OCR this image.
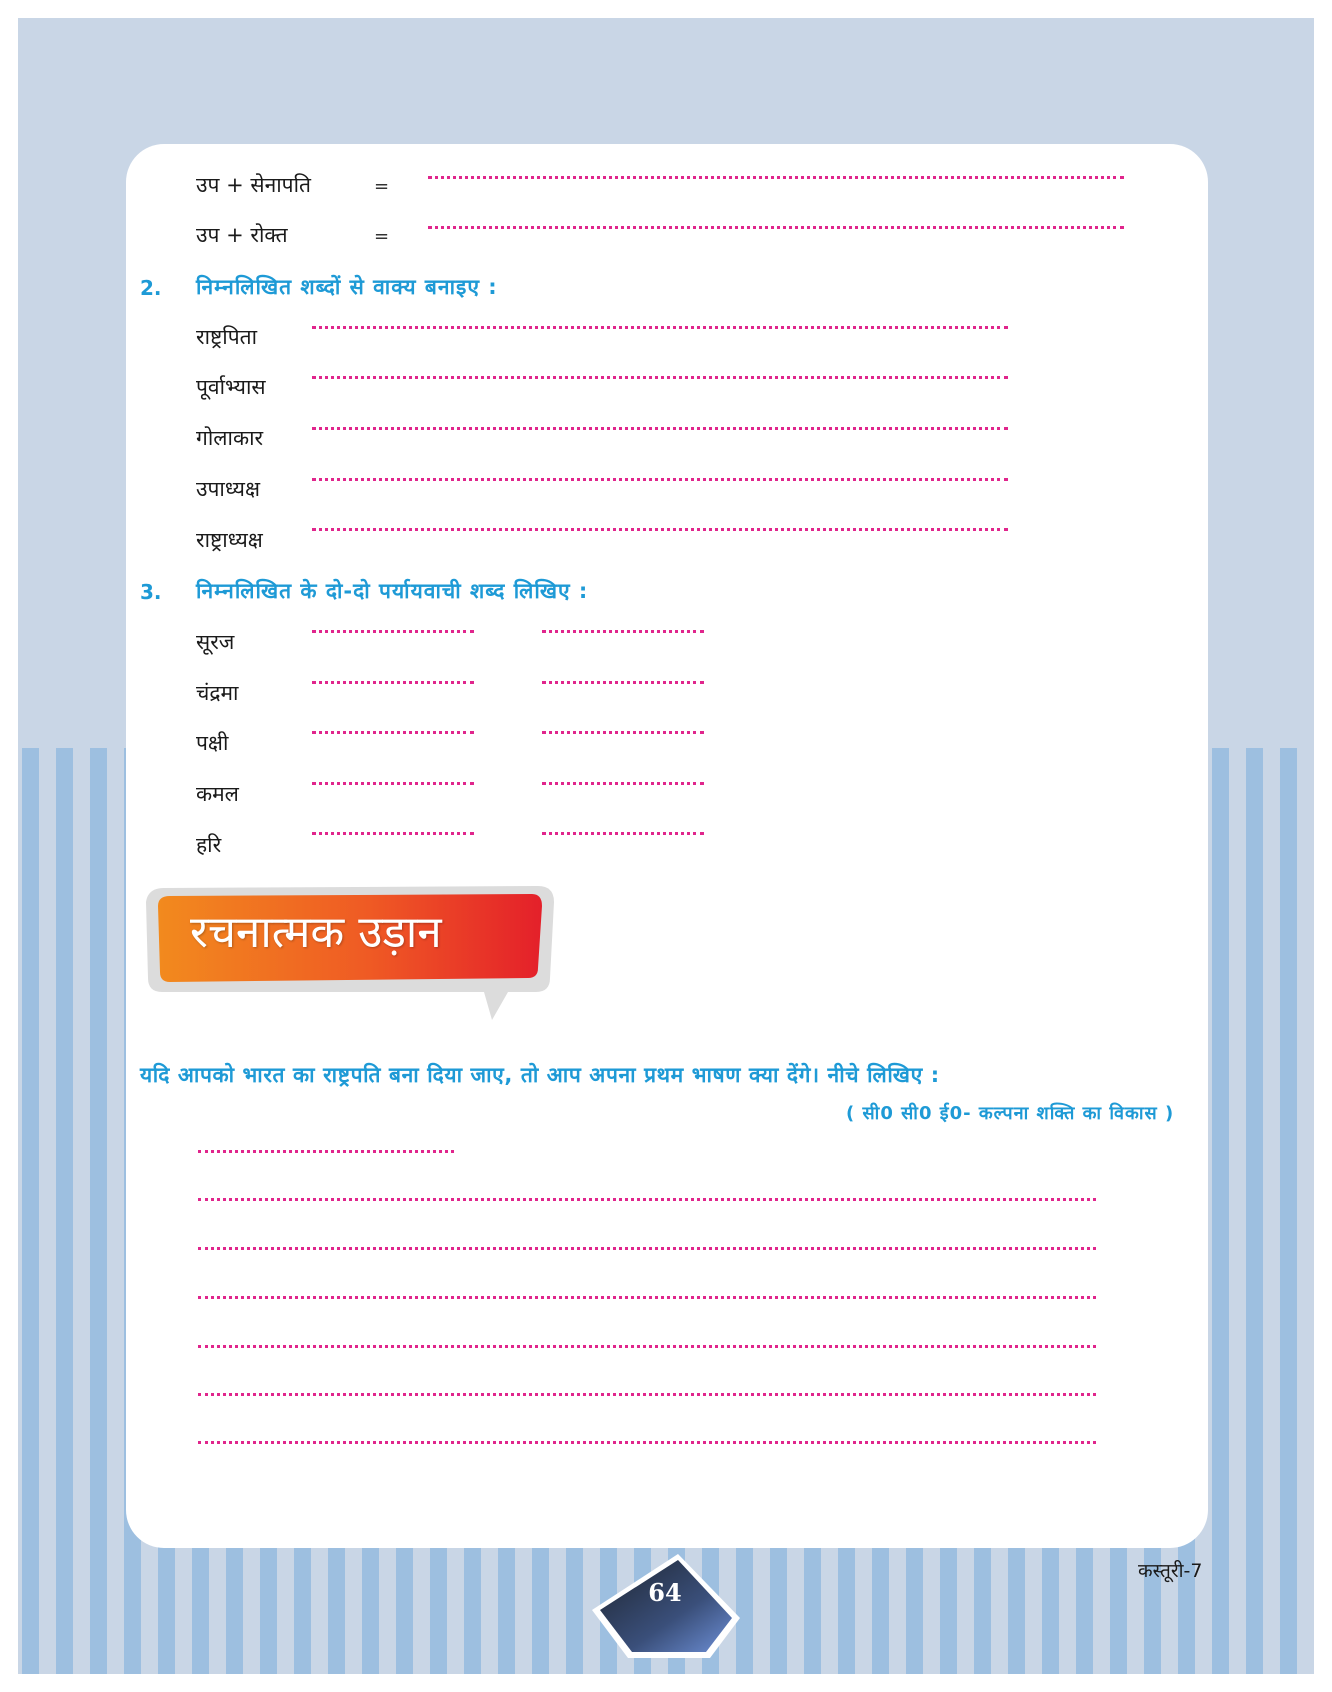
उप + सेनापति	=
उप + रोक्त	=
2. निम्नलिखित शब्दों से वाक्य बनाइए :
राष्ट्रपिता
पूर्वाभ्यास
गोलाकार
उपाध्यक्ष
राष्ट्राध्यक्ष
3. निम्नलिखित के दो-दो पर्यायवाची शब्द लिखिए :
सूरज
चंद्रमा
पक्षी
कमल
हरि
रचनात्मक उड़ान
यदि आपको भारत का राष्ट्रपति बना दिया जाए, तो आप अपना प्रथम भाषण क्या देंगे। नीचे लिखिए :
( सी0 सी0 ई0- कल्पना शक्ति का विकास )
कस्तूरी-7
64
